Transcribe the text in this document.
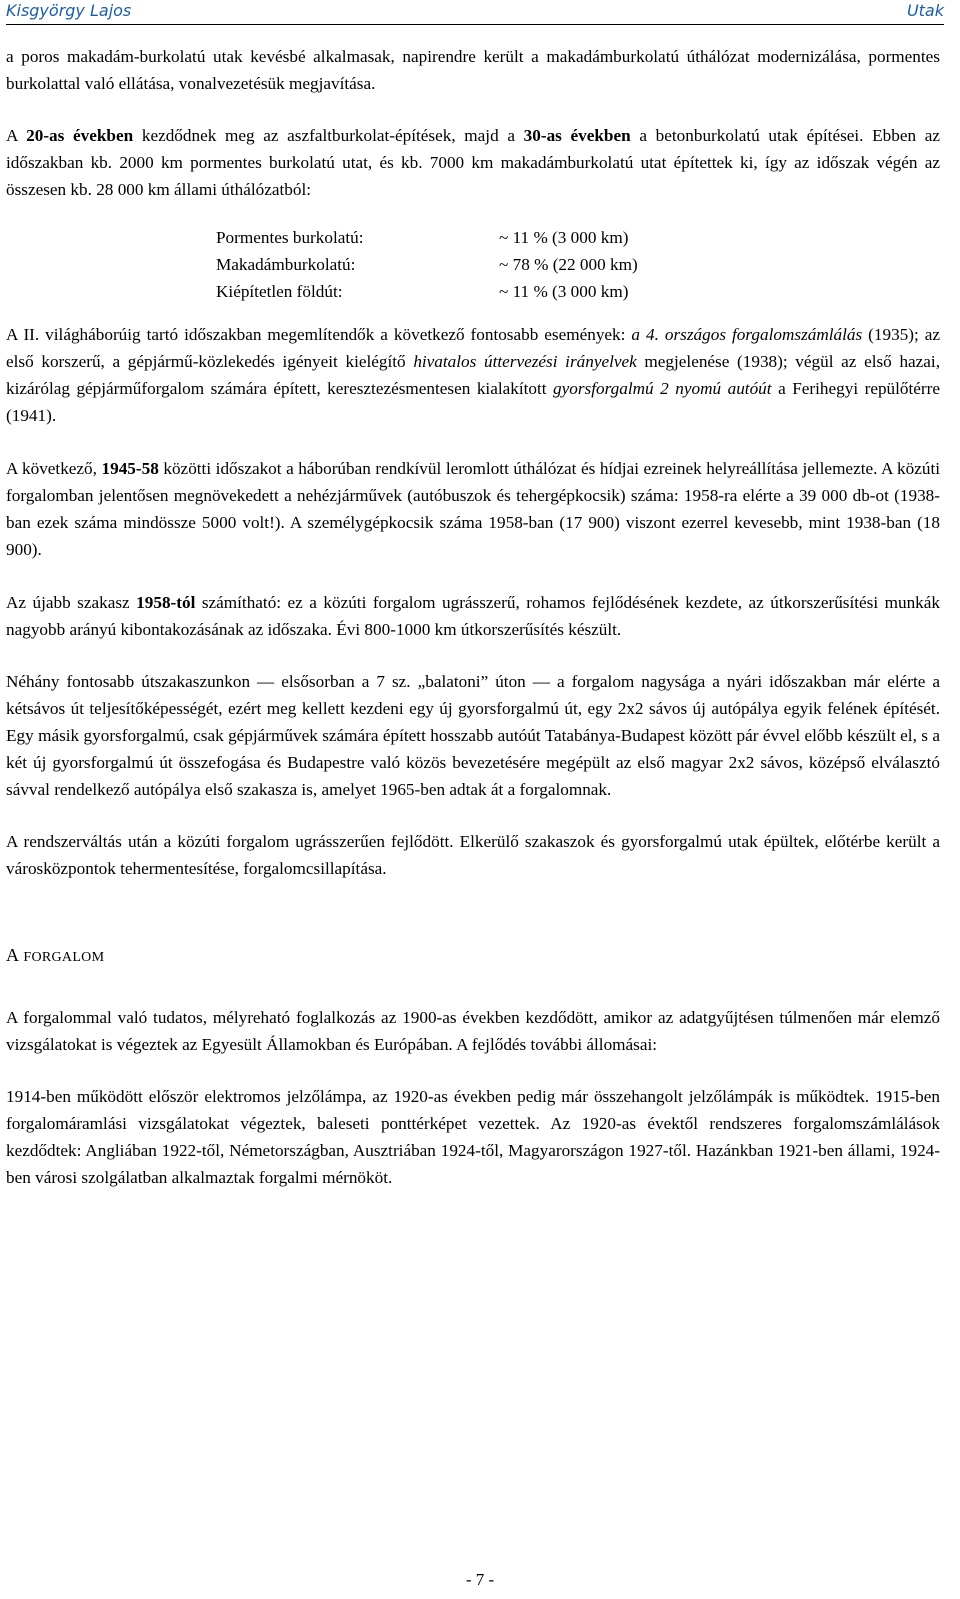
Kisgyörgy Lajos	Utak

a poros makadám-burkolatú utak kevésbé alkalmasak, napirendre került a makadámburkolatú úthálózat modernizálása, pormentes burkolattal való ellátása, vonalvezetésük megjavítása.

A 20-as években kezdődnek meg az aszfaltburkolat-építések, majd a 30-as években a betonburkolatú utak építései. Ebben az időszakban kb. 2000 km pormentes burkolatú utat, és kb. 7000 km makadámburkolatú utat építettek ki, így az időszak végén az összesen kb. 28 000 km állami úthálózatból:

Pormentes burkolatú:	~ 11 % (3 000 km)
Makadámburkolatú:	~ 78 % (22 000 km)
Kiépítetlen földút:	~ 11 % (3 000 km)

A II. világháborúig tartó időszakban megemlítendők a következő fontosabb események: a 4. országos forgalomszámlálás (1935); az első korszerű, a gépjármű-közlekedés igényeit kielégítő hivatalos úttervezési irányelvek megjelenése (1938); végül az első hazai, kizárólag gépjárműforgalom számára épített, keresztezésmentesen kialakított gyorsforgalmú 2 nyomú autóút a Ferihegyi repülőtérre (1941).

A következő, 1945-58 közötti időszakot a háborúban rendkívül leromlott úthálózat és hídjai ezreinek helyreállítása jellemezte. A közúti forgalomban jelentősen megnövekedett a nehézjárművek (autóbuszok és tehergépkocsik) száma: 1958-ra elérte a 39 000 db-ot (1938-ban ezek száma mindössze 5000 volt!). A személygépkocsik száma 1958-ban (17 900) viszont ezerrel kevesebb, mint 1938-ban (18 900).

Az újabb szakasz 1958-tól számítható: ez a közúti forgalom ugrásszerű, rohamos fejlődésének kezdete, az útkorszerűsítési munkák nagyobb arányú kibontakozásának az időszaka. Évi 800-1000 km útkorszerűsítés készült.

Néhány fontosabb útszakaszunkon — elsősorban a 7 sz. „balatoni” úton — a forgalom nagysága a nyári időszakban már elérte a kétsávos út teljesítőképességét, ezért meg kellett kezdeni egy új gyorsforgalmú út, egy 2x2 sávos új autópálya egyik felének építését. Egy másik gyorsforgalmú, csak gépjárművek számára épített hosszabb autóút Tatabánya-Budapest között pár évvel előbb készült el, s a két új gyorsforgalmú út összefogása és Budapestre való közös bevezetésére megépült az első magyar 2x2 sávos, középső elválasztó sávval rendelkező autópálya első szakasza is, amelyet 1965-ben adtak át a forgalomnak.

A rendszerváltás után a közúti forgalom ugrásszerűen fejlődött. Elkerülő szakaszok és gyorsforgalmú utak épültek, előtérbe került a városközpontok tehermentesítése, forgalomcsillapítása.

A FORGALOM

A forgalommal való tudatos, mélyreható foglalkozás az 1900-as években kezdődött, amikor az adatgyűjtésen túlmenően már elemző vizsgálatokat is végeztek az Egyesült Államokban és Európában. A fejlődés további állomásai:

1914-ben működött először elektromos jelzőlámpa, az 1920-as években pedig már összehangolt jelzőlámpák is működtek. 1915-ben forgalomáramlási vizsgálatokat végeztek, baleseti ponttérképet vezettek. Az 1920-as évektől rendszeres forgalomszámlálások kezdődtek: Angliában 1922-től, Németországban, Ausztriában 1924-től, Magyarországon 1927-től. Hazánkban 1921-ben állami, 1924-ben városi szolgálatban alkalmaztak forgalmi mérnököt.

- 7 -
